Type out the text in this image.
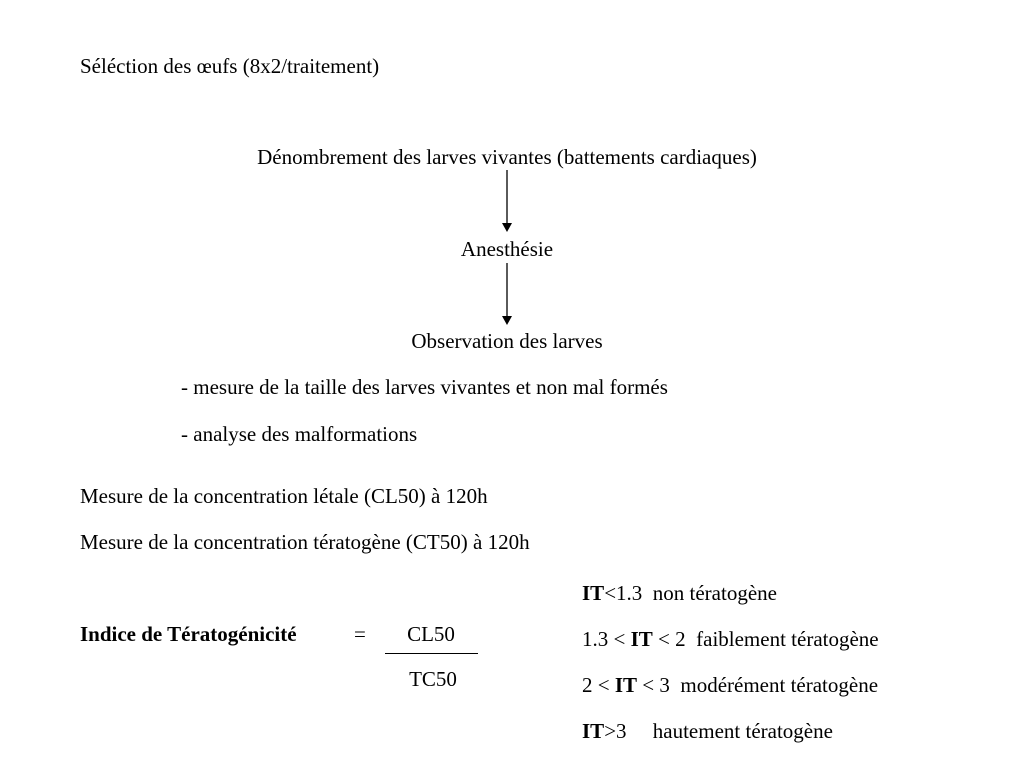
Séléction des œufs (8x2/traitement)
Dénombrement des larves vivantes (battements cardiaques)
Anesthésie
Observation des larves
- mesure de la taille des larves vivantes et non mal formés
- analyse des malformations
Mesure de la concentration létale (CL50) à 120h
Mesure de la concentration tératogène (CT50) à 120h
Indice de Tératogénicité	= CL50
TC50
IT<1.3  non tératogène
1.3 < IT < 2  faiblement tératogène
2 < IT < 3  modérément tératogène
IT>3     hautement tératogène
